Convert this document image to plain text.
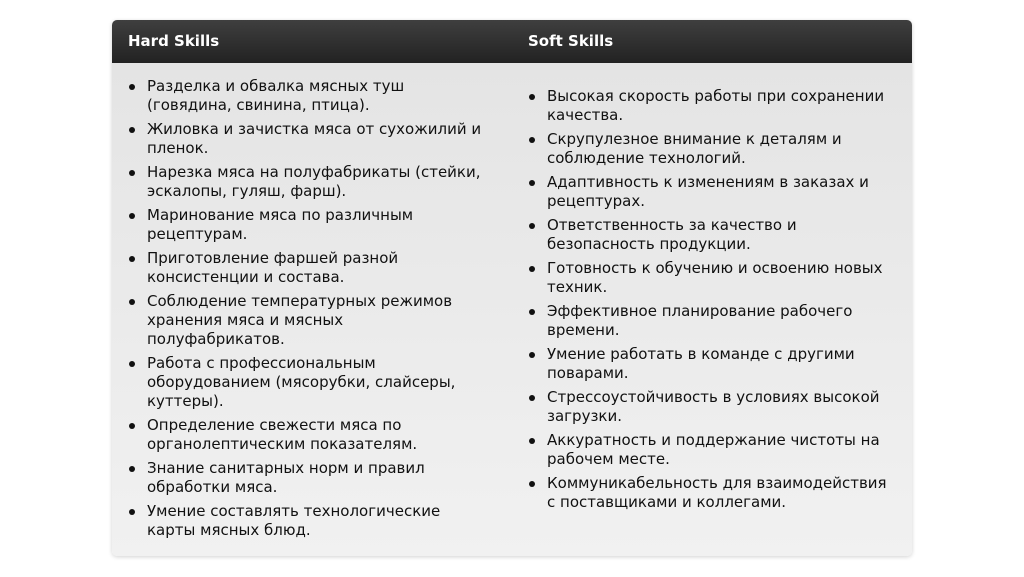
Hard Skills	Soft Skills
Разделка и обвалка мясных туш (говядина, свинина, птица).
Жиловка и зачистка мяса от сухожилий и пленок.
Нарезка мяса на полуфабрикаты (стейки, эскалопы, гуляш, фарш).
Маринование мяса по различным рецептурам.
Приготовление фаршей разной консистенции и состава.
Соблюдение температурных режимов хранения мяса и мясных полуфабрикатов.
Работа с профессиональным оборудованием (мясорубки, слайсеры, куттеры).
Определение свежести мяса по органолептическим показателям.
Знание санитарных норм и правил обработки мяса.
Умение составлять технологические карты мясных блюд.
Высокая скорость работы при сохранении качества.
Скрупулезное внимание к деталям и соблюдение технологий.
Адаптивность к изменениям в заказах и рецептурах.
Ответственность за качество и безопасность продукции.
Готовность к обучению и освоению новых техник.
Эффективное планирование рабочего времени.
Умение работать в команде с другими поварами.
Стрессоустойчивость в условиях высокой загрузки.
Аккуратность и поддержание чистоты на рабочем месте.
Коммуникабельность для взаимодействия с поставщиками и коллегами.
